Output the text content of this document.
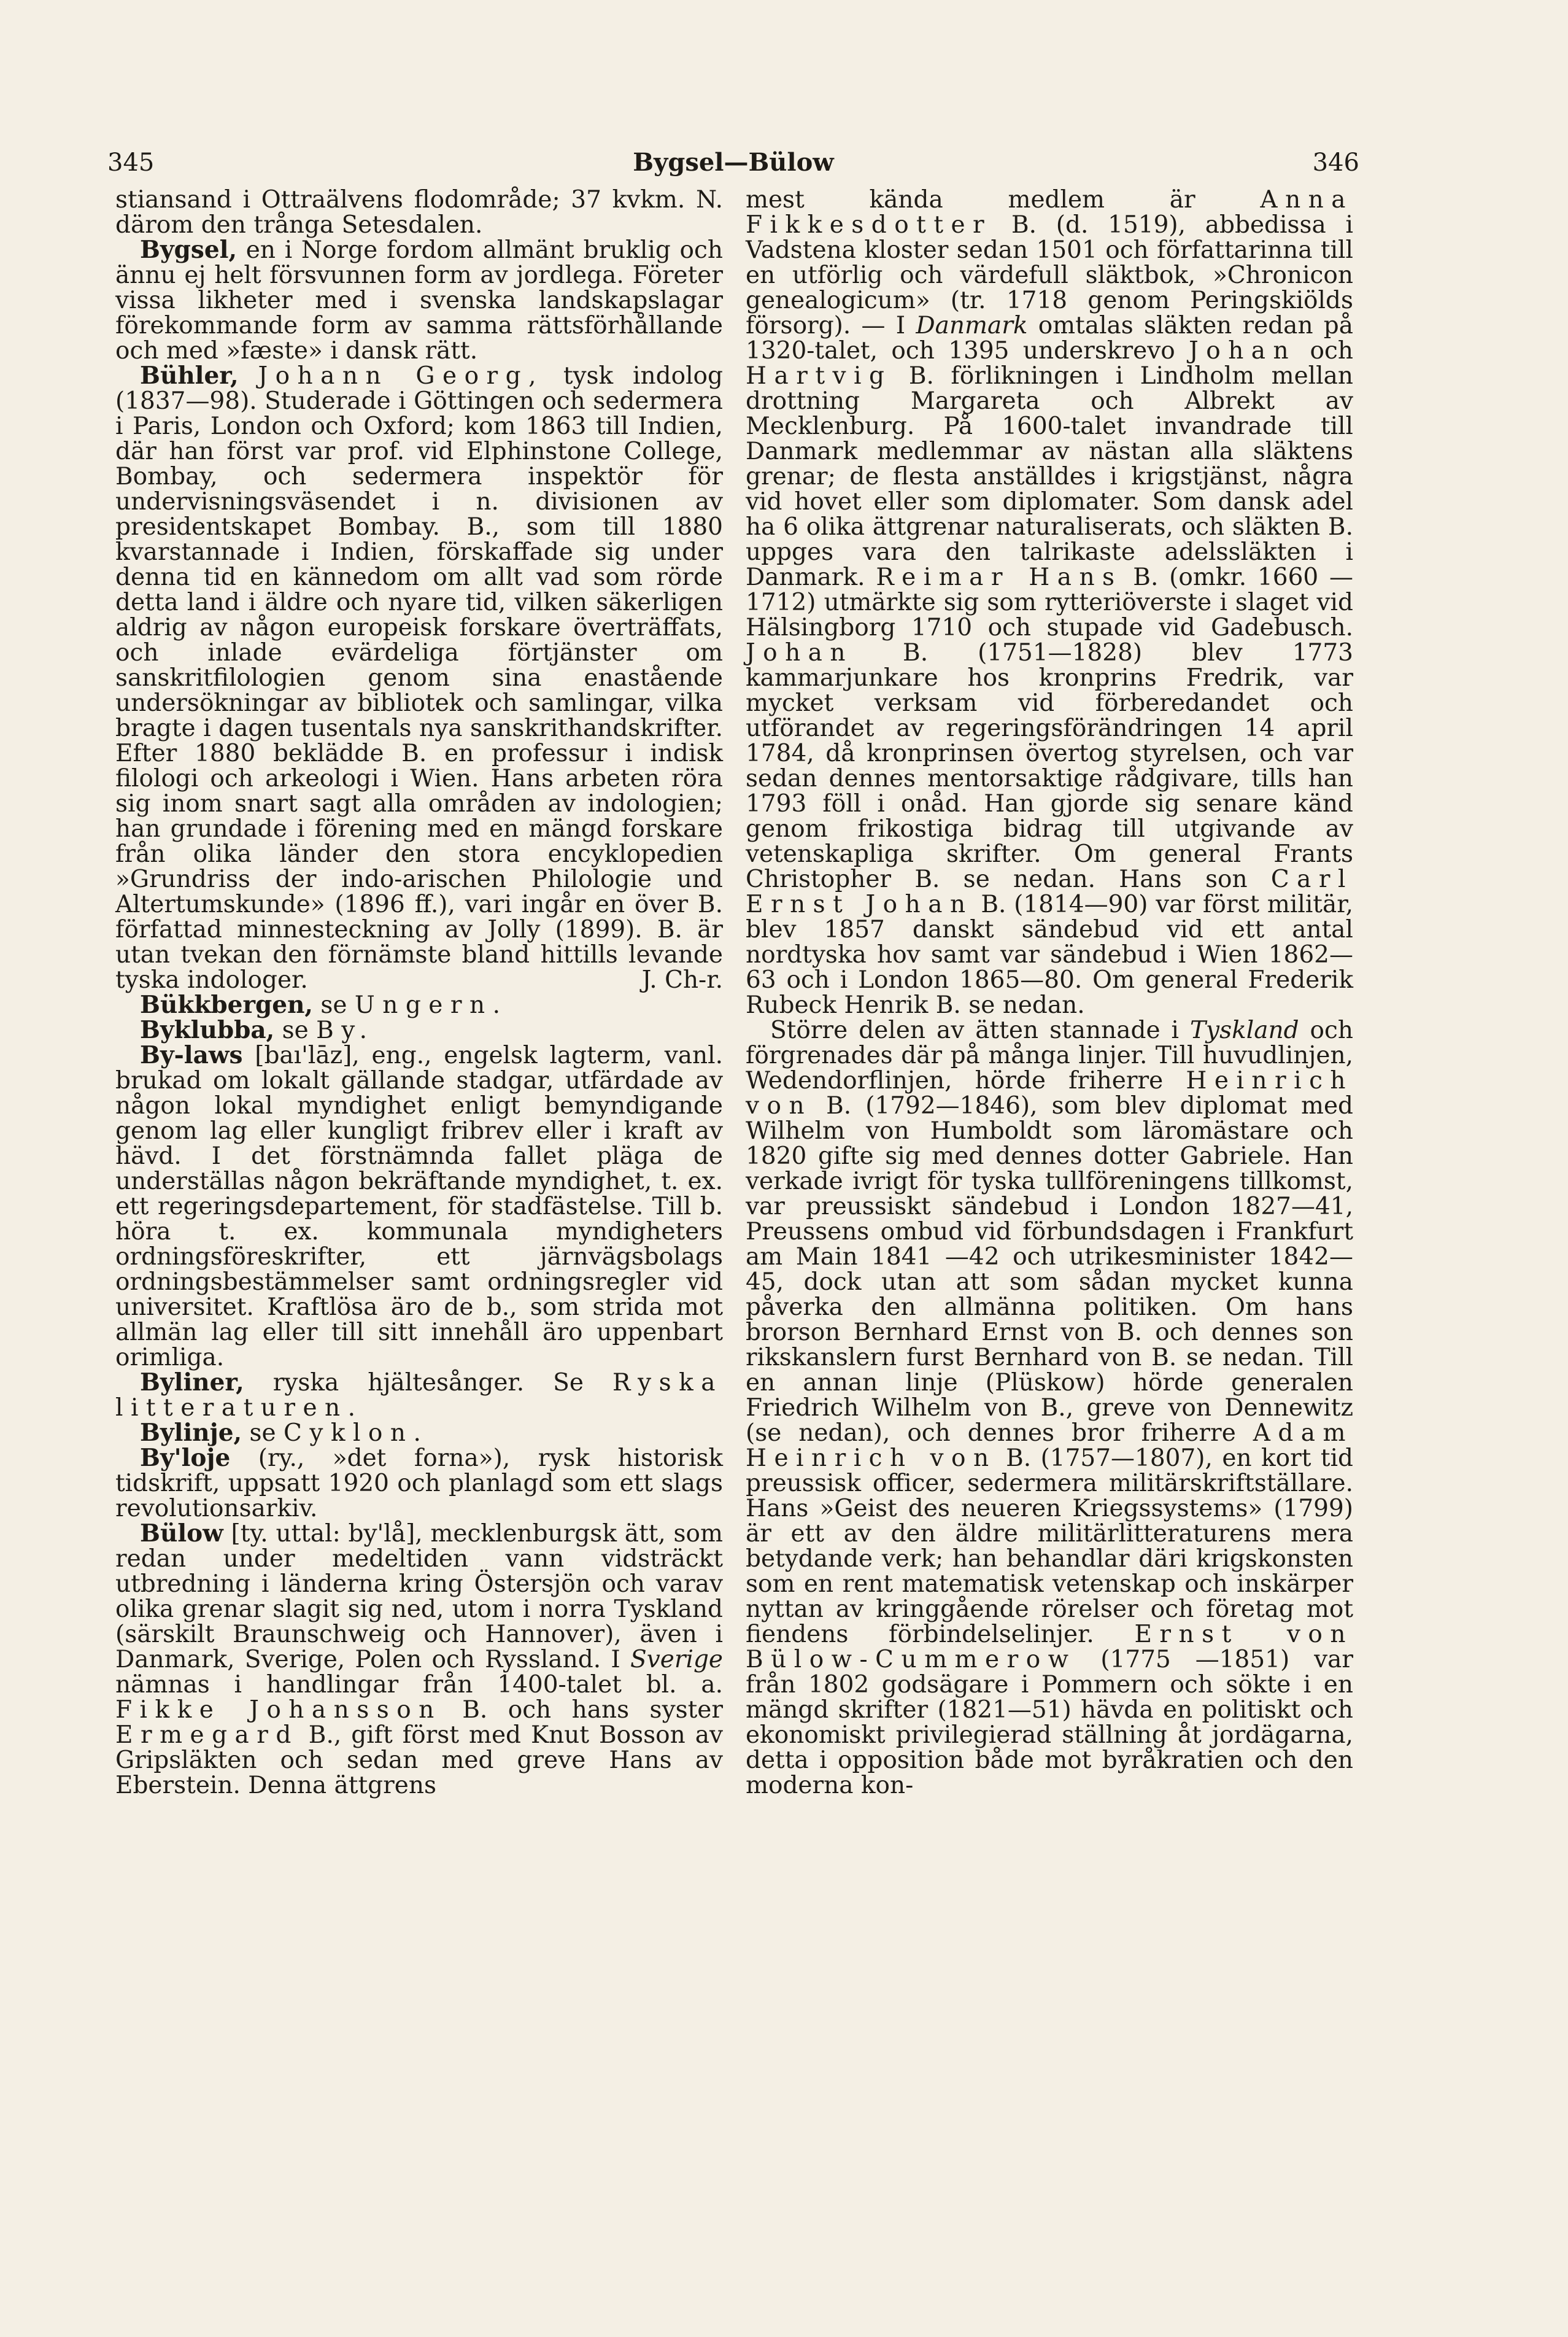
345	Bygsel—Bülow	346

stiansand i Ottraälvens flodområde; 37 kvkm. N. därom den trånga Setesdalen.

Bygsel, en i Norge fordom allmänt bruklig och ännu ej helt försvunnen form av jordlega. Företer vissa likheter med i svenska landskapslagar förekommande form av samma rättsförhållande och med »fæste» i dansk rätt.

Bühler, Johann Georg, tysk indolog (1837—98). Studerade i Göttingen och sedermera i Paris, London och Oxford; kom 1863 till Indien, där han först var prof. vid Elphinstone College, Bombay, och sedermera inspektör för undervisningsväsendet i n. divisionen av presidentskapet Bombay. B., som till 1880 kvarstannade i Indien, förskaffade sig under denna tid en kännedom om allt vad som rörde detta land i äldre och nyare tid, vilken säkerligen aldrig av någon europeisk forskare överträffats, och inlade evärdeliga förtjänster om sanskritfilologien genom sina enastående undersökningar av bibliotek och samlingar, vilka bragte i dagen tusentals nya sanskrithandskrifter. Efter 1880 beklädde B. en professur i indisk filologi och arkeologi i Wien. Hans arbeten röra sig inom snart sagt alla områden av indologien; han grundade i förening med en mängd forskare från olika länder den stora encyklopedien »Grundriss der indo-arischen Philologie und Altertumskunde» (1896 ff.), vari ingår en över B. författad minnesteckning av Jolly (1899). B. är utan tvekan den förnämste bland hittills levande tyska indologer.	J. Ch-r.

Bükkbergen, se Ungern.

Byklubba, se By.

By-laws [baı'lāz], eng., engelsk lagterm, vanl. brukad om lokalt gällande stadgar, utfärdade av någon lokal myndighet enligt bemyndigande genom lag eller kungligt fribrev eller i kraft av hävd. I det förstnämnda fallet pläga de underställas någon bekräftande myndighet, t. ex. ett regeringsdepartement, för stadfästelse. Till b. höra t. ex. kommunala myndigheters ordningsföreskrifter, ett järnvägsbolags ordningsbestämmelser samt ordningsregler vid universitet. Kraftlösa äro de b., som strida mot allmän lag eller till sitt innehåll äro uppenbart orimliga.

Byliner, ryska hjältesånger. Se Ryska litteraturen.

Bylinje, se Cyklon.

By'loje (ry., »det forna»), rysk historisk tidskrift, uppsatt 1920 och planlagd som ett slags revolutionsarkiv.

Bülow [ty. uttal: by'lå], mecklenburgsk ätt, som redan under medeltiden vann vidsträckt utbredning i länderna kring Östersjön och varav olika grenar slagit sig ned, utom i norra Tyskland (särskilt Braunschweig och Hannover), även i Danmark, Sverige, Polen och Ryssland. I Sverige nämnas i handlingar från 1400-talet bl. a. Fikke Johansson B. och hans syster Ermegard B., gift först med Knut Bosson av Gripsläkten och sedan med greve Hans av Eberstein. Denna ättgrens

mest kända medlem är Anna Fikkesdotter B. (d. 1519), abbedissa i Vadstena kloster sedan 1501 och författarinna till en utförlig och värdefull släktbok, »Chronicon genealogicum» (tr. 1718 genom Peringskiölds försorg). — I Danmark omtalas släkten redan på 1320-talet, och 1395 underskrevo Johan och Hartvig B. förlikningen i Lindholm mellan drottning Margareta och Albrekt av Mecklenburg. På 1600-talet invandrade till Danmark medlemmar av nästan alla släktens grenar; de flesta anställdes i krigstjänst, några vid hovet eller som diplomater. Som dansk adel ha 6 olika ättgrenar naturaliserats, och släkten B. uppges vara den talrikaste adelssläkten i Danmark. Reimar Hans B. (omkr. 1660 —1712) utmärkte sig som rytteriöverste i slaget vid Hälsingborg 1710 och stupade vid Gadebusch. Johan B. (1751—1828) blev 1773 kammarjunkare hos kronprins Fredrik, var mycket verksam vid förberedandet och utförandet av regeringsförändringen 14 april 1784, då kronprinsen övertog styrelsen, och var sedan dennes mentorsaktige rådgivare, tills han 1793 föll i onåd. Han gjorde sig senare känd genom frikostiga bidrag till utgivande av vetenskapliga skrifter. Om general Frants Christopher B. se nedan. Hans son Carl Ernst Johan B. (1814—90) var först militär, blev 1857 danskt sändebud vid ett antal nordtyska hov samt var sändebud i Wien 1862—63 och i London 1865—80. Om general Frederik Rubeck Henrik B. se nedan.

Större delen av ätten stannade i Tyskland och förgrenades där på många linjer. Till huvudlinjen, Wedendorflinjen, hörde friherre Heinrich von B. (1792—1846), som blev diplomat med Wilhelm von Humboldt som läromästare och 1820 gifte sig med dennes dotter Gabriele. Han verkade ivrigt för tyska tullföreningens tillkomst, var preussiskt sändebud i London 1827—41, Preussens ombud vid förbundsdagen i Frankfurt am Main 1841 —42 och utrikesminister 1842—45, dock utan att som sådan mycket kunna påverka den allmänna politiken. Om hans brorson Bernhard Ernst von B. och dennes son rikskanslern furst Bernhard von B. se nedan. Till en annan linje (Plüskow) hörde generalen Friedrich Wilhelm von B., greve von Dennewitz (se nedan), och dennes bror friherre Adam Heinrich von B. (1757—1807), en kort tid preussisk officer, sedermera militärskriftställare. Hans »Geist des neueren Kriegssystems» (1799) är ett av den äldre militärlitteraturens mera betydande verk; han behandlar däri krigskonsten som en rent matematisk vetenskap och inskärper nyttan av kringgående rörelser och företag mot fiendens förbindelselinjer. Ernst von Bülow-Cummerow (1775 —1851) var från 1802 godsägare i Pommern och sökte i en mängd skrifter (1821—51) hävda en politiskt och ekonomiskt privilegierad ställning åt jordägarna, detta i opposition både mot byråkratien och den moderna kon-
